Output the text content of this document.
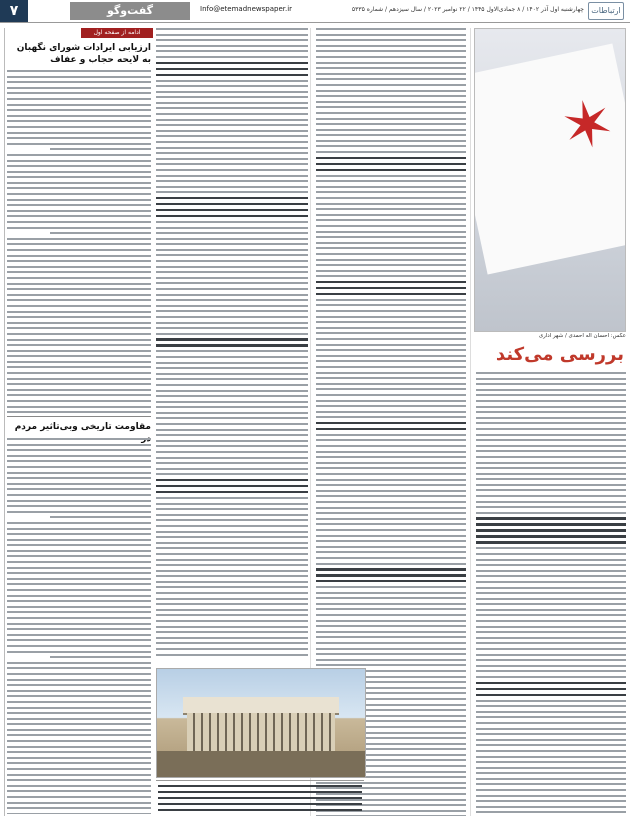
ارتباطات
چهارشنبه اول آذر ۱۴۰۲ / ۸ جمادی‌الاول ۱۴۴۵ / ۲۲ نوامبر ۲۰۲۳ / سال سیزدهم / شماره ۵۳۳۵
Info@etemadnewspaper.ir
گفت‌وگو
۷
ادامه از صفحه اول
ارزیابی ایرادات شورای نگهبان به لایحه حجاب و عفاف
مقاومت تاریخی وبی‌تاثیر مردم
✶
عکس: احسان اله احمدی / شهر اداری
بررسی می‌کند
